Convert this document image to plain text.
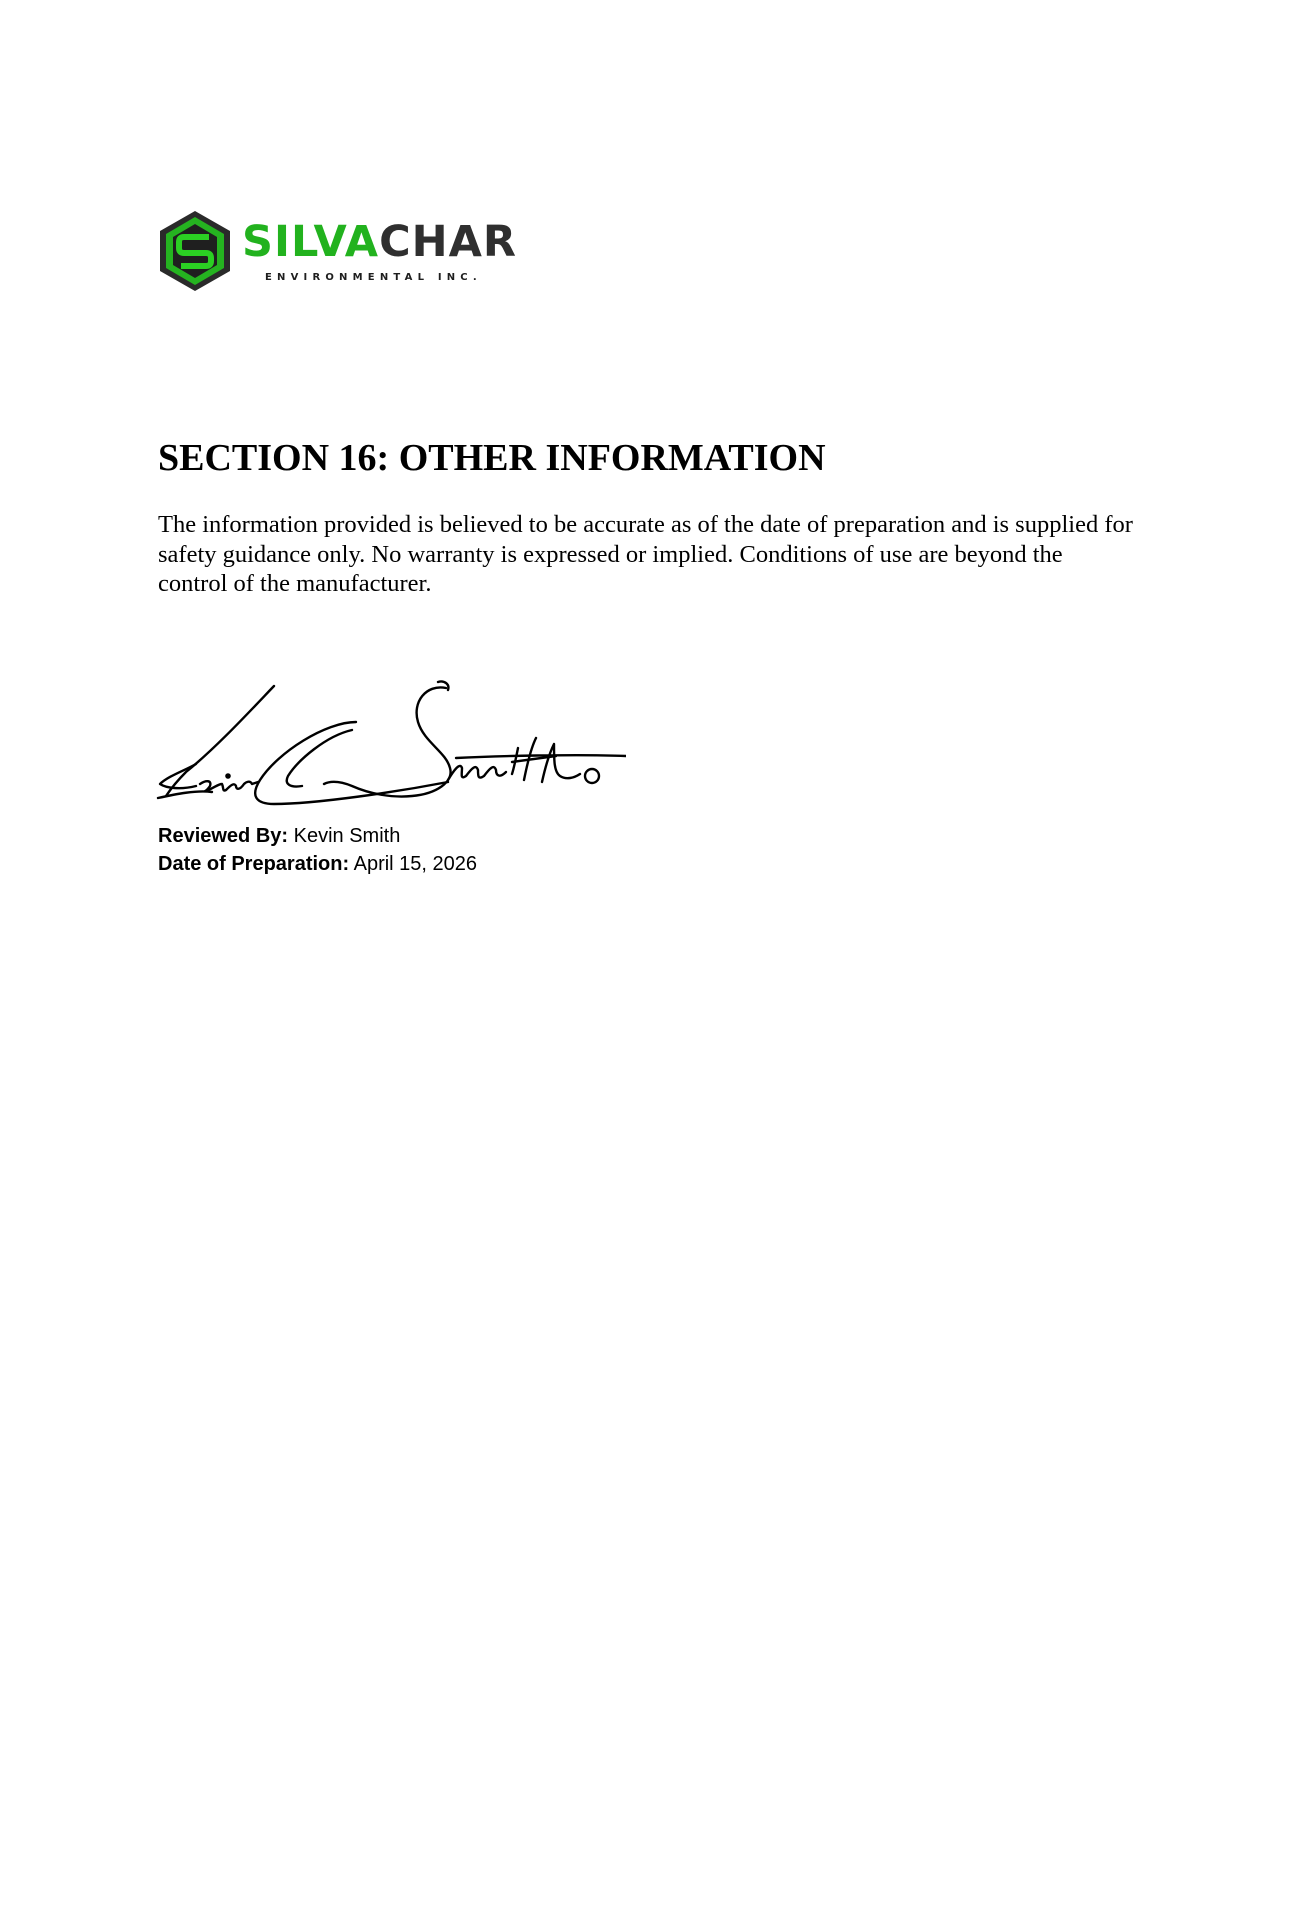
SILVACHAR
ENVIRONMENTAL INC.
SECTION 16: OTHER INFORMATION

The information provided is believed to be accurate as of the date of preparation and is supplied for safety guidance only. No warranty is expressed or implied. Conditions of use are beyond the control of the manufacturer.

Reviewed By: Kevin Smith
Date of Preparation: April 15, 2026
